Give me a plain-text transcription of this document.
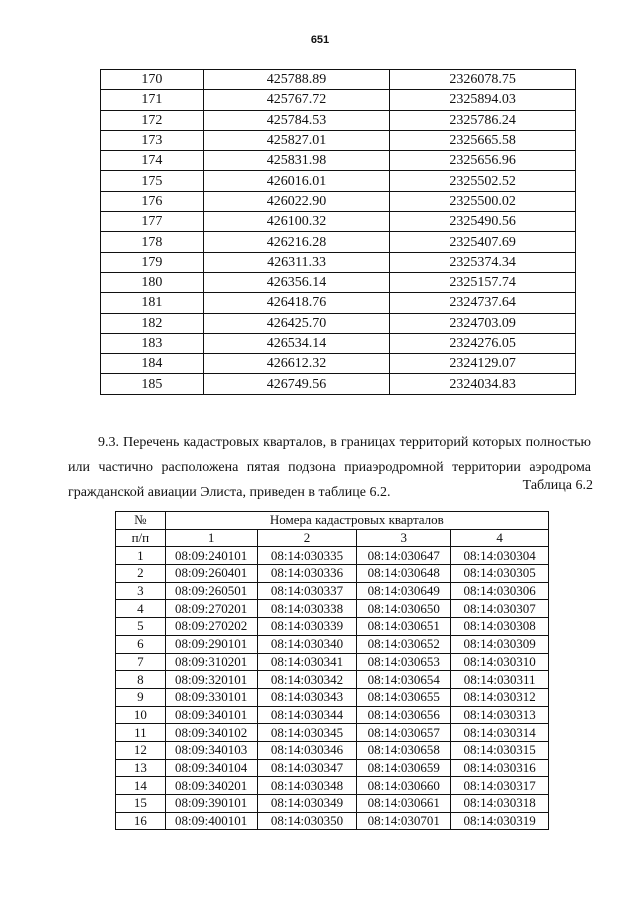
651
170	425788.89	2326078.75
171	425767.72	2325894.03
172	425784.53	2325786.24
173	425827.01	2325665.58
174	425831.98	2325656.96
175	426016.01	2325502.52
176	426022.90	2325500.02
177	426100.32	2325490.56
178	426216.28	2325407.69
179	426311.33	2325374.34
180	426356.14	2325157.74
181	426418.76	2324737.64
182	426425.70	2324703.09
183	426534.14	2324276.05
184	426612.32	2324129.07
185	426749.56	2324034.83

9.3. Перечень кадастровых кварталов, в границах территорий которых полностью или частично расположена пятая подзона приаэродромной территории аэродрома гражданской авиации Элиста, приведен в таблице 6.2.	Таблица 6.2
№	Номера кадастровых кварталов			
п/п	1	2	3	4
1	08:09:240101	08:14:030335	08:14:030647	08:14:030304
2	08:09:260401	08:14:030336	08:14:030648	08:14:030305
3	08:09:260501	08:14:030337	08:14:030649	08:14:030306
4	08:09:270201	08:14:030338	08:14:030650	08:14:030307
5	08:09:270202	08:14:030339	08:14:030651	08:14:030308
6	08:09:290101	08:14:030340	08:14:030652	08:14:030309
7	08:09:310201	08:14:030341	08:14:030653	08:14:030310
8	08:09:320101	08:14:030342	08:14:030654	08:14:030311
9	08:09:330101	08:14:030343	08:14:030655	08:14:030312
10	08:09:340101	08:14:030344	08:14:030656	08:14:030313
11	08:09:340102	08:14:030345	08:14:030657	08:14:030314
12	08:09:340103	08:14:030346	08:14:030658	08:14:030315
13	08:09:340104	08:14:030347	08:14:030659	08:14:030316
14	08:09:340201	08:14:030348	08:14:030660	08:14:030317
15	08:09:390101	08:14:030349	08:14:030661	08:14:030318
16	08:09:400101	08:14:030350	08:14:030701	08:14:030319
